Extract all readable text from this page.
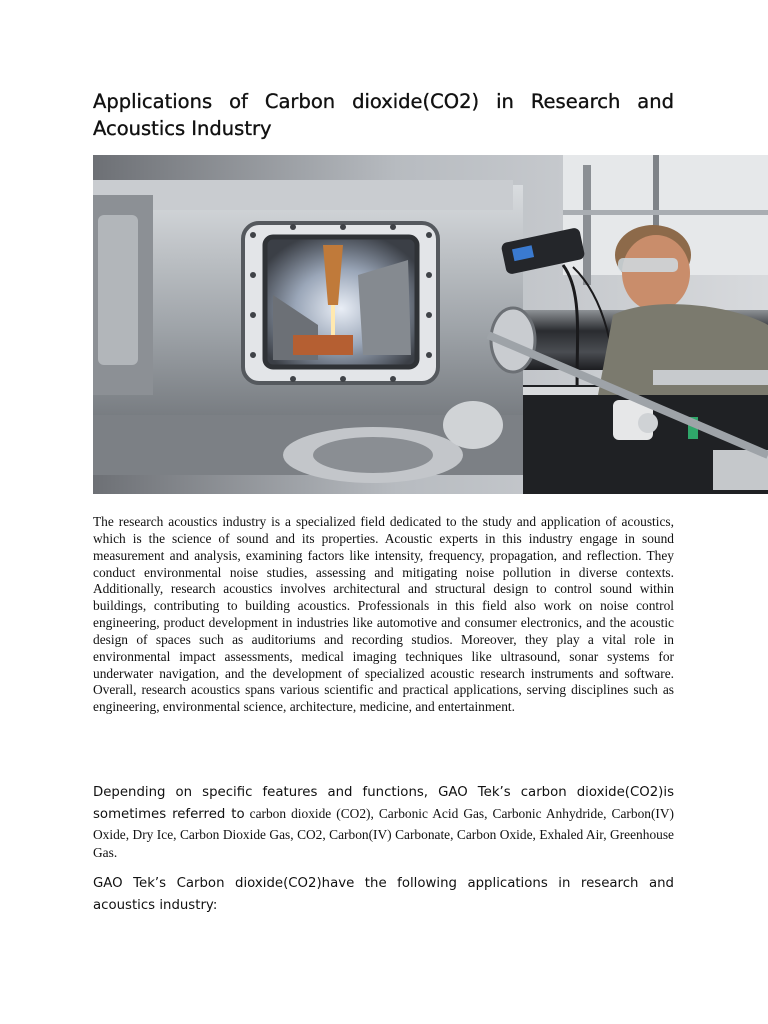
Applications of Carbon dioxide(CO2) in Research and Acoustics Industry

The research acoustics industry is a specialized field dedicated to the study and application of acoustics, which is the science of sound and its properties. Acoustic experts in this industry engage in sound measurement and analysis, examining factors like intensity, frequency, propagation, and reflection. They conduct environmental noise studies, assessing and mitigating noise pollution in diverse contexts. Additionally, research acoustics involves architectural and structural design to control sound within buildings, contributing to building acoustics. Professionals in this field also work on noise control engineering, product development in industries like automotive and consumer electronics, and the acoustic design of spaces such as auditoriums and recording studios. Moreover, they play a vital role in environmental impact assessments, medical imaging techniques like ultrasound, sonar systems for underwater navigation, and the development of specialized acoustic research instruments and software. Overall, research acoustics spans various scientific and practical applications, serving disciplines such as engineering, environmental science, architecture, medicine, and entertainment.

Depending on specific features and functions, GAO Tek’s carbon dioxide(CO2)is sometimes referred to carbon dioxide (CO2), Carbonic Acid Gas, Carbonic Anhydride, Carbon(IV) Oxide, Dry Ice, Carbon Dioxide Gas, CO2, Carbon(IV) Carbonate, Carbon Oxide, Exhaled Air, Greenhouse Gas.

GAO Tek’s Carbon dioxide(CO2)have the following applications in research and acoustics industry:
